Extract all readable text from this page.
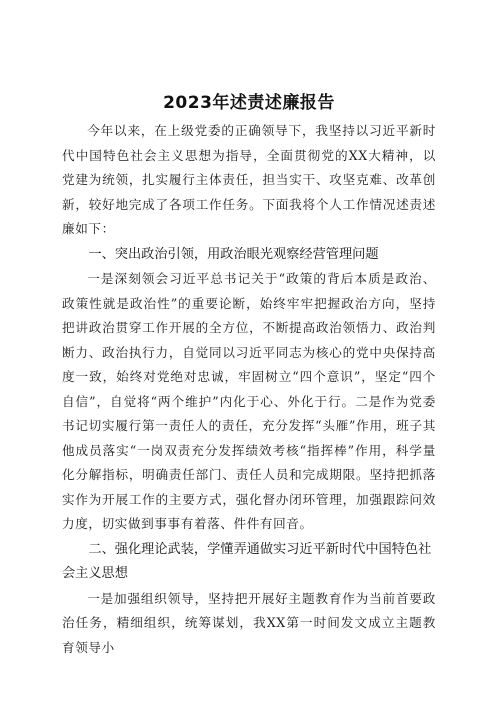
2023年述责述廉报告

今年以来，在上级党委的正确领导下，我坚持以习近平新时代中国特色社会主义思想为指导，全面贯彻党的XX大精神，以党建为统领，扎实履行主体责任，担当实干、攻坚克难、改革创新，较好地完成了各项工作任务。下面我将个人工作情况述责述廉如下：

一、突出政治引领，用政治眼光观察经营管理问题

一是深刻领会习近平总书记关于“政策的背后本质是政治、政策性就是政治性”的重要论断，始终牢牢把握政治方向，坚持把讲政治贯穿工作开展的全方位，不断提高政治领悟力、政治判断力、政治执行力，自觉同以习近平同志为核心的党中央保持高度一致，始终对党绝对忠诚，牢固树立“四个意识”，坚定“四个自信”，自觉将“两个维护”内化于心、外化于行。二是作为党委书记切实履行第一责任人的责任，充分发挥“头雁”作用，班子其他成员落实“一岗双责充分发挥绩效考核“指挥棒”作用，科学量化分解指标，明确责任部门、责任人员和完成期限。坚持把抓落实作为开展工作的主要方式，强化督办闭环管理，加强跟踪问效力度，切实做到事事有着落、件件有回音。

二、强化理论武装，学懂弄通做实习近平新时代中国特色社会主义思想

一是加强组织领导，坚持把开展好主题教育作为当前首要政治任务，精细组织，统筹谋划，我XX第一时间发文成立主题教育领导小
